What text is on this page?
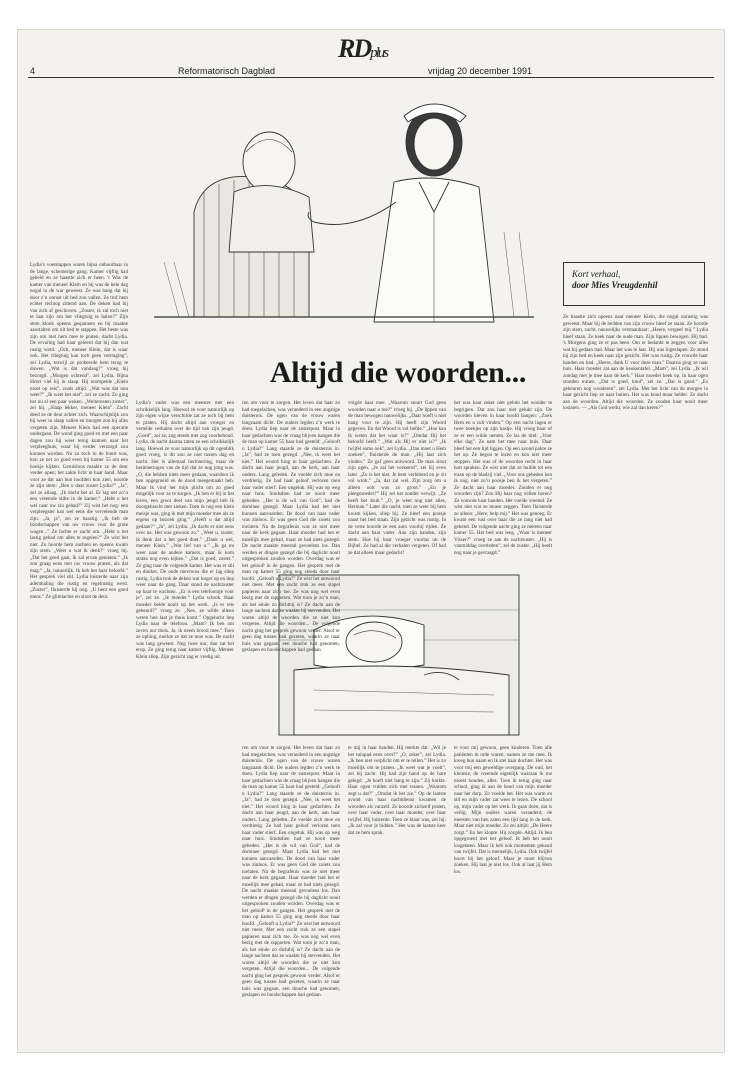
4	Reformatorisch Dagblad
RDplus
vrijdag 20 december 1991
Kort verhaal,
door Mies Vreugdenhil
Altijd die woorden...

Lydia’s voetstappen waren bijna onhoorbaar in de lange, schemerige gang. Kamer vijftig had gebeld en ze haastte zich er heen. 't Was de kamer van meneer Klein en hij was de hele dag nogal in de war geweest. Ze was bang dat hij door z’n onrust uit bed zou vallen. Ze trof hem echter rechtop zittend aan. De deken had hij van zich af geschoven. „Zuster, ik zal toch niet te laat zijn om het vliegtuig te halen?” Zijn stem klonk opeens gespannen en bij maakte aanstalten om uit bed te stappen. Het beste was zijn om met hem mee te praten, dacht Lydia. De ervaring had haar geleerd dat hij dan wat rustig werd. „Och, meneer Klein, dat is waar ook. Het vliegtuig kan toch geen vertraging”, zei Lydia, terwijl ze probeerde hem terug te duwen. „Wat is dat vandaag?” vroeg hij bezorgd. „Morgen ochtend”, zei Lydia. Bijna direct viel hij in slaap. Hij mompelde „Klein moet op reis”, zoals altijd. „Wat was dat nou weer?” „Ik weet het niet”, zei ze zacht. Zo ging het nu al een paar weken. „Welterusten zuster”, zei hij. „Slaap lekker, meneer Klein”. Zacht deed ze de deur achter zich. Waarschijnlijk zou hij weer in slaap vallen en morgen zou hij alles vergeten zijn. Meneer Klein had een operatie ondergaan. De wond ging goed en met een paar dagen zou hij weer terug kunnen naar het verpleeghuis, waar hij verder verzorgd zou kunnen worden. Nu zo toch in de buurt was, kon ze net zo goed even bij kamer 55 om een hoekje kijken. Geruisloos maakte ze de deur verder open; het zakte licht in haar hand. Maar voor ze dat aan hun hoofden kon zien, hoorde ze zijn stem: „Ben u daar zuster Lydia?” „Ja”, zei ze allaag. „Ik dacht het al. Er lag net zo’n een vreemde stilte in de kamer.” „Hebt u het wel naar uw zin gehad?” Zij wist het nog: een verpleegster kan wel eens die vervelende man zijn. „Ja, ja”, zei ze haastig. „Ik heb de boodschappen van uw vrouw voor de grote wagen...” Ze lachte er zacht om. „Hebt u het lastig gehad om alles te regelen?” Ze wist het niet. Zo hoorde hem zuchten en opeens kwam zijn stem. „Weet u wat ik denk?” vroeg hij. „Dat het goed gaat, ik zal ervan genieten.” „Ik zou graag eens met uw vrouw praten, als dat mag.” „Ja, natuurlijk. Ik heb het haar beloofd.” Het gesprek viel stil. Lydia luisterde naar zijn ademhaling die rustig en regelmatig werd. „Zuster”, fluisterde hij nog. „U bent een goed mens.” Ze glimlachte en sloot de deur.

Lydia’s vader was een meester met een schrikkelijk lang. Hoewel ze voor natuurlijk op zijn eigen wijze verschilde zat ze toch bij hem te praten. Hij dacht altijd aan vroeger en vertelde verhalen over de tijd van zijn jeugd. „Goed”, zei ze, zog steeds met zog voorbehoud. Lydia, de nacht daarna zaten ze een schrikkelijk lang. Hoewel ze voor natuurlijk op dit ogenblik goed vroeg, is dit zou ze niet tussen dag en nacht. Het is allemaal herinnering, maar de herinneringen van de tijd dat ze nog jong was. „O, die hebben niets meer gedaan, waardoor ik ben opgegroeid en de dood meegemaakt heb. Maar ik vind het mijn plicht om zo goed mogelijk voor ze te zorgen. „Ik ben er bij in het leven, een groot deel van mijn jeugd heb ik doorgebracht met zieken. Toen ik nog een klein meisje was, ging ik met mijn moeder mee als ze ergens op bezoek ging.” „Heeft u dat altijd gedaan?” „Ja”, zei Lydia. „Ik dacht er niet eens over na. Het was gewoon zo.” „Weet u, zuster, ik denk dat u het goed doet.” „Dank u wel, meneer Klein.” „Wat lief van u.” „Ik ga nu weer naar de andere kamers, maar ik kom straks nog even kijken.” „Dat is goed, zuster.” Ze ging naar de volgende kamer. Het was er stil en donker. De oude mevrouw die er lag sliep rustig. Lydia trok de deken wat hoger op en liep weer naar de gang. Daar stond de nachtzuster op haar te wachten. „Er is een telefoontje voor je”, zei ze. „Je moeder.” Lydia schrok. Haar moeder belde nooit op het werk. „Is er iets gebeurd?” vroeg ze. „Nee, ze wilde alleen weten hoe laat je thuis komt.” Opgelucht liep Lydia naar de telefoon. „Mam? Ik ben om zeven uur thuis. Ja, ik neem brood mee.” Toen ze ophing, merkte ze dat ze moe was. De nacht was lang geweest. Nog twee uur, dan zat het erop. Ze ging terug naar kamer vijftig. Meneer Klein sliep. Zijn gezicht zag er vredig uit.

ren om voor te zorgen. Het leven dat haar zo had toegelachen, was veranderd in een angstige duisternis. De ogen van de vrouw waren langzaam dicht. De ouders legden z’n werk te doen. Lydia liep naar de zusterpost. Maar in haar gedachten was de vraag blijven hangen die de man op kamer 55 haar had gesteld: „Gelooft u Lydia?” Lang staarde ze de duisternis in. „Ja”, had ze toen gezegd. „Nee, ik weet het niet.” Het woord hing in haar gedachten. Ze dacht aan haar jeugd, aan de kerk, aan haar ouders. Lang geleden. Ze voelde zich moe en verdrietig. Ze had haar geloof verloren toen haar vader stierf. Een ongeluk. Hij was op weg naar huis. Sindsdien had ze nooit meer gebeden. „Het is de wil van God”, had de dominee gezegd. Maar Lydia had het niet kunnen aanvaarden. De dood van haar vader was zinloos. Er was geen God die zoiets zou toelaten. Na de begrafenis was ze niet meer naar de kerk gegaan. Haar moeder had het er moeilijk mee gehad, maar ze had niets gezegd. De nacht maakte meestal gevoelens los. Dan werden er dingen gezegd die bij daglicht nooit uitgesproken zouden worden. Overdag was er het gelooP in de gangen. Het gesprek met de man op kamer 55 ging nog steeds door haar hoofd. „Gelooft u Lydia?” Ze wist het antwoord niet meer. Met een zucht trok ze een stapel papieren naar zich toe. Ze was nog wel even bezig met de rapporten. Wat toon je zo’n man, als het einde zo dichtbij is? Ze dacht aan de lange nachten dat ze waakte bij stervenden. Het waren altijd de woorden die ze niet kon vergeten. Altijd die woorden... De volgende nacht ging het gesprek gewoon verder. Alsof er geen dag tussen had gezeten, waarin ze naar huis was gegaan, een douche had genomen, geslapen en boodschappen had gedaan.

volgde haar mee. „Waarom stuurt God geen woorden naar u toe?” vroeg hij. „De lippen van de man bewogen nauwelijks. „Daar hoeft u niet bang voor te zijn. Hij heeft zijn Woord gegeven. En dat Woord is vol liefde.” „Hoe kan ik weten dat het waar is?” „Omdat Hij het beloofd heeft.” „Wat als Hij er niet is?” „Ik twijfel soms ook”, zei Lydia. „Dan moet u Hem zoeken”, fluisterde de man. „Hij laat zich vinden.” Ze gaf geen antwoord. De man sloot zijn ogen. „Je zal het verkeerd”, zei hij even later. „Zo is het niet. Je bent verbitterd en je zit vol wrok.” „Ja, dat zal wel. Zijn zorg om u alleen ooit was zo groot.” „En je pleegmoeder?” Hij zei het zonder verwijt. „Ze heeft het druk.” „O, je weet nog niet alles, Herman.” Later die nacht, toen ze weer bij hem kwam kijken, sliep hij. Ze bleef een poosje naast het bed staan. Zijn gezicht was rustig. In de verte hoorde ze een auto voorbij rijden. Ze dacht aan haar vader. Aan zijn handen, zijn stem. Hoe hij haar vroeger voorlas uit de Bijbel. Ze had al die verhalen vergeten. Of had ze dat alleen maar gedacht?

het was haar zeker niet gelukt het wonder te begrijpen. Dat zou haar niet gelukt zijn. De woorden bleven in haar hoofd hangen: „Zoek Hem en u zult vinden.” Op een nacht lagen er twee boekjes op zijn kastje. Hij vroeg haar of ze er een wilde nemen. Ze las de titel: „Voor elke dag”. Ze nam het mee naar huis. Daar bleef het een tijd liggen. Op een avond pakte ze het op. Ze begon te lezen en kon niet meer stoppen. Het was of de woorden recht in haar hart spraken. Ze wist niet dat ze huilde tot een traan op de bladzij viel. „Voor ons gebeden ken ik nog, niet zo’n poosje ben ik het vergeten.” Ze dacht aan haar moeder. Zouden er nog woorden zijn? Zou Hij haar nog willen horen? Ze vouwde haar handen. Het voelde vreemd. Ze wist niet wat ze moest zeggen. Toen fluisterde ze alleen: „Here, help mij.” Het was genoeg. Er kwam een rust over haar die ze lang niet had gekend. De volgende nacht ging ze meteen naar kamer 55. Het bed was leeg. „Waar is meneer Visser?” vroeg ze aan de nachtzuster. „Hij is vanmiddag overleden”, zei de zuster. „Hij heeft nog naar je gevraagd.”

ren om voor te zorgen. Het leven dat haar zo had toegelachen, was veranderd in een angstige duisternis. De ogen van de vrouw waren langzaam dicht. De ouders legden z’n werk te doen. Lydia liep naar de zusterpost. Maar in haar gedachten was de vraag blijven hangen die de man op kamer 55 haar had gesteld: „Gelooft u Lydia?” Lang staarde ze de duisternis in. „Ja”, had ze toen gezegd. „Nee, ik weet het niet.” Het woord hing in haar gedachten. Ze dacht aan haar jeugd, aan de kerk, aan haar ouders. Lang geleden. Ze voelde zich moe en verdrietig. Ze had haar geloof verloren toen haar vader stierf. Een ongeluk. Hij was op weg naar huis. Sindsdien had ze nooit meer gebeden. „Het is de wil van God”, had de dominee gezegd. Maar Lydia had het niet kunnen aanvaarden. De dood van haar vader was zinloos. Er was geen God die zoiets zou toelaten. Na de begrafenis was ze niet meer naar de kerk gegaan. Haar moeder had het er moeilijk mee gehad, maar ze had niets gezegd. De nacht maakte meestal gevoelens los. Dan werden er dingen gezegd die bij daglicht nooit uitgesproken zouden worden. Overdag was er het gelooP in de gangen. Het gesprek met de man op kamer 55 ging nog steeds door haar hoofd. „Gelooft u Lydia?” Ze wist het antwoord niet meer. Met een zucht trok ze een stapel papieren naar zich toe. Ze was nog wel even bezig met de rapporten. Wat toon je zo’n man, als het einde zo dichtbij is? Ze dacht aan de lange nachten dat ze waakte bij stervenden. Het waren altijd de woorden die ze niet kon vergeten. Altijd die woorden... De volgende nacht ging het gesprek gewoon verder. Alsof er geen dag tussen had gezeten, waarin ze naar huis was gegaan, een douche had genomen, geslapen en boodschappen had gedaan.

te mij in haar handen. Hij merkte dat. „Wil je het tuinpad eens over?” „O, zeker”, zei Lydia. „Ik ben niet verplicht om er te tellen.” Het is zo moeilijk om te praten. „Ik weet wat je voelt”, zei hij zacht. Hij had zijn hand op de hare gelegd. „Je hoeft niet bang te zijn.” Zij knikte. Haar ogen vulden zich met tranen. „Waarom zegt u dat?” „Omdat ik het zie.” Op de laatste avond van haar nachtdienst kwamen de woorden als vanzelf. Ze hoorde zichzelf praten, over haar vader, over haar moeder, over haar twijfel. Hij luisterde. Toen ze klaar was, zei hij: „Ik zal voor je bidden.” Het was de laatste keer dat ze hem sprak.

te voor mij gewoon, geen kinderen. Toen alle patiënten in orde waren, namen ze me mee. Ik kreeg hun naam en ik stel haar dochter. Het was voor mij een geweldige overgang. De oud, het kleinste, de vreemde eigenlijk waaraan ik me moest houden, alles. Toen ik terug ging naar school, ging ik aan de hand van mijn moeder naar het dorp. Zo voelde het. Het was warm en stil en mijn vader zat weer te lezen. De school op, mijn vader op het werk. Ik gaan doen, dat is veilig. Mijn ouders waren veranderd, de meesten van hen zaten een tijd lang in de kerk. Maar niet mijn moeder. Ze zei altijd: „De Heere zorgt.” En het klopte. Hij zorgde. Altijd. Ik ben opgegroeid met het geloof. Ik heb het nooit losgelaten. Maar ik heb ook momenten gekend van twijfel. Dat is menselijk, Lydia. Ook twijfel hoort bij het geloof. Maar je moet blijven zoeken. Hij laat je niet los. Ook al laat jij Hem los.

Ze haastte zich opeens naar meneer Klein, die nogal onrustig was geweest. Maar bij de bedden van zijn vrouw bleef ze staan. Ze hoorde zijn stem, zacht, nauwelijks verstaanbaar: „Heere, vergeef mij.” Lydia bleef staan. Ze keek naar de oude man. Zijn lippen bewogen. Hij bad. 's Morgens ging ze er pas heen. Om er bedankt te zeggen voor alles wat hij gedaan had. Maar het was te laat. Hij was ingeslapen. Ze stond bij zijn bed en keek naar zijn gezicht. Het was rustig. Ze vouwde haar handen en bad. „Heere, dank U voor deze man.” Daarna ging ze naar huis. Haar moeder zat aan de keukentafel. „Mam”, zei Lydia. „Ik wil zondag met je mee naar de kerk.” Haar moeder keek op. In haar ogen stonden tranen. „Dat is goed, kind”, zei ze. „Dat is goed.” „Es gebeuren nog wonderen”, zei Lydia. Met het licht van de morgen in haar gezicht liep ze naar buiten. Het was koud maar helder. Ze dacht aan de woorden. Altijd die woorden. Ze zouden haar nooit meer loslaten. — „Als God werkt, wie zal dan keren?”
